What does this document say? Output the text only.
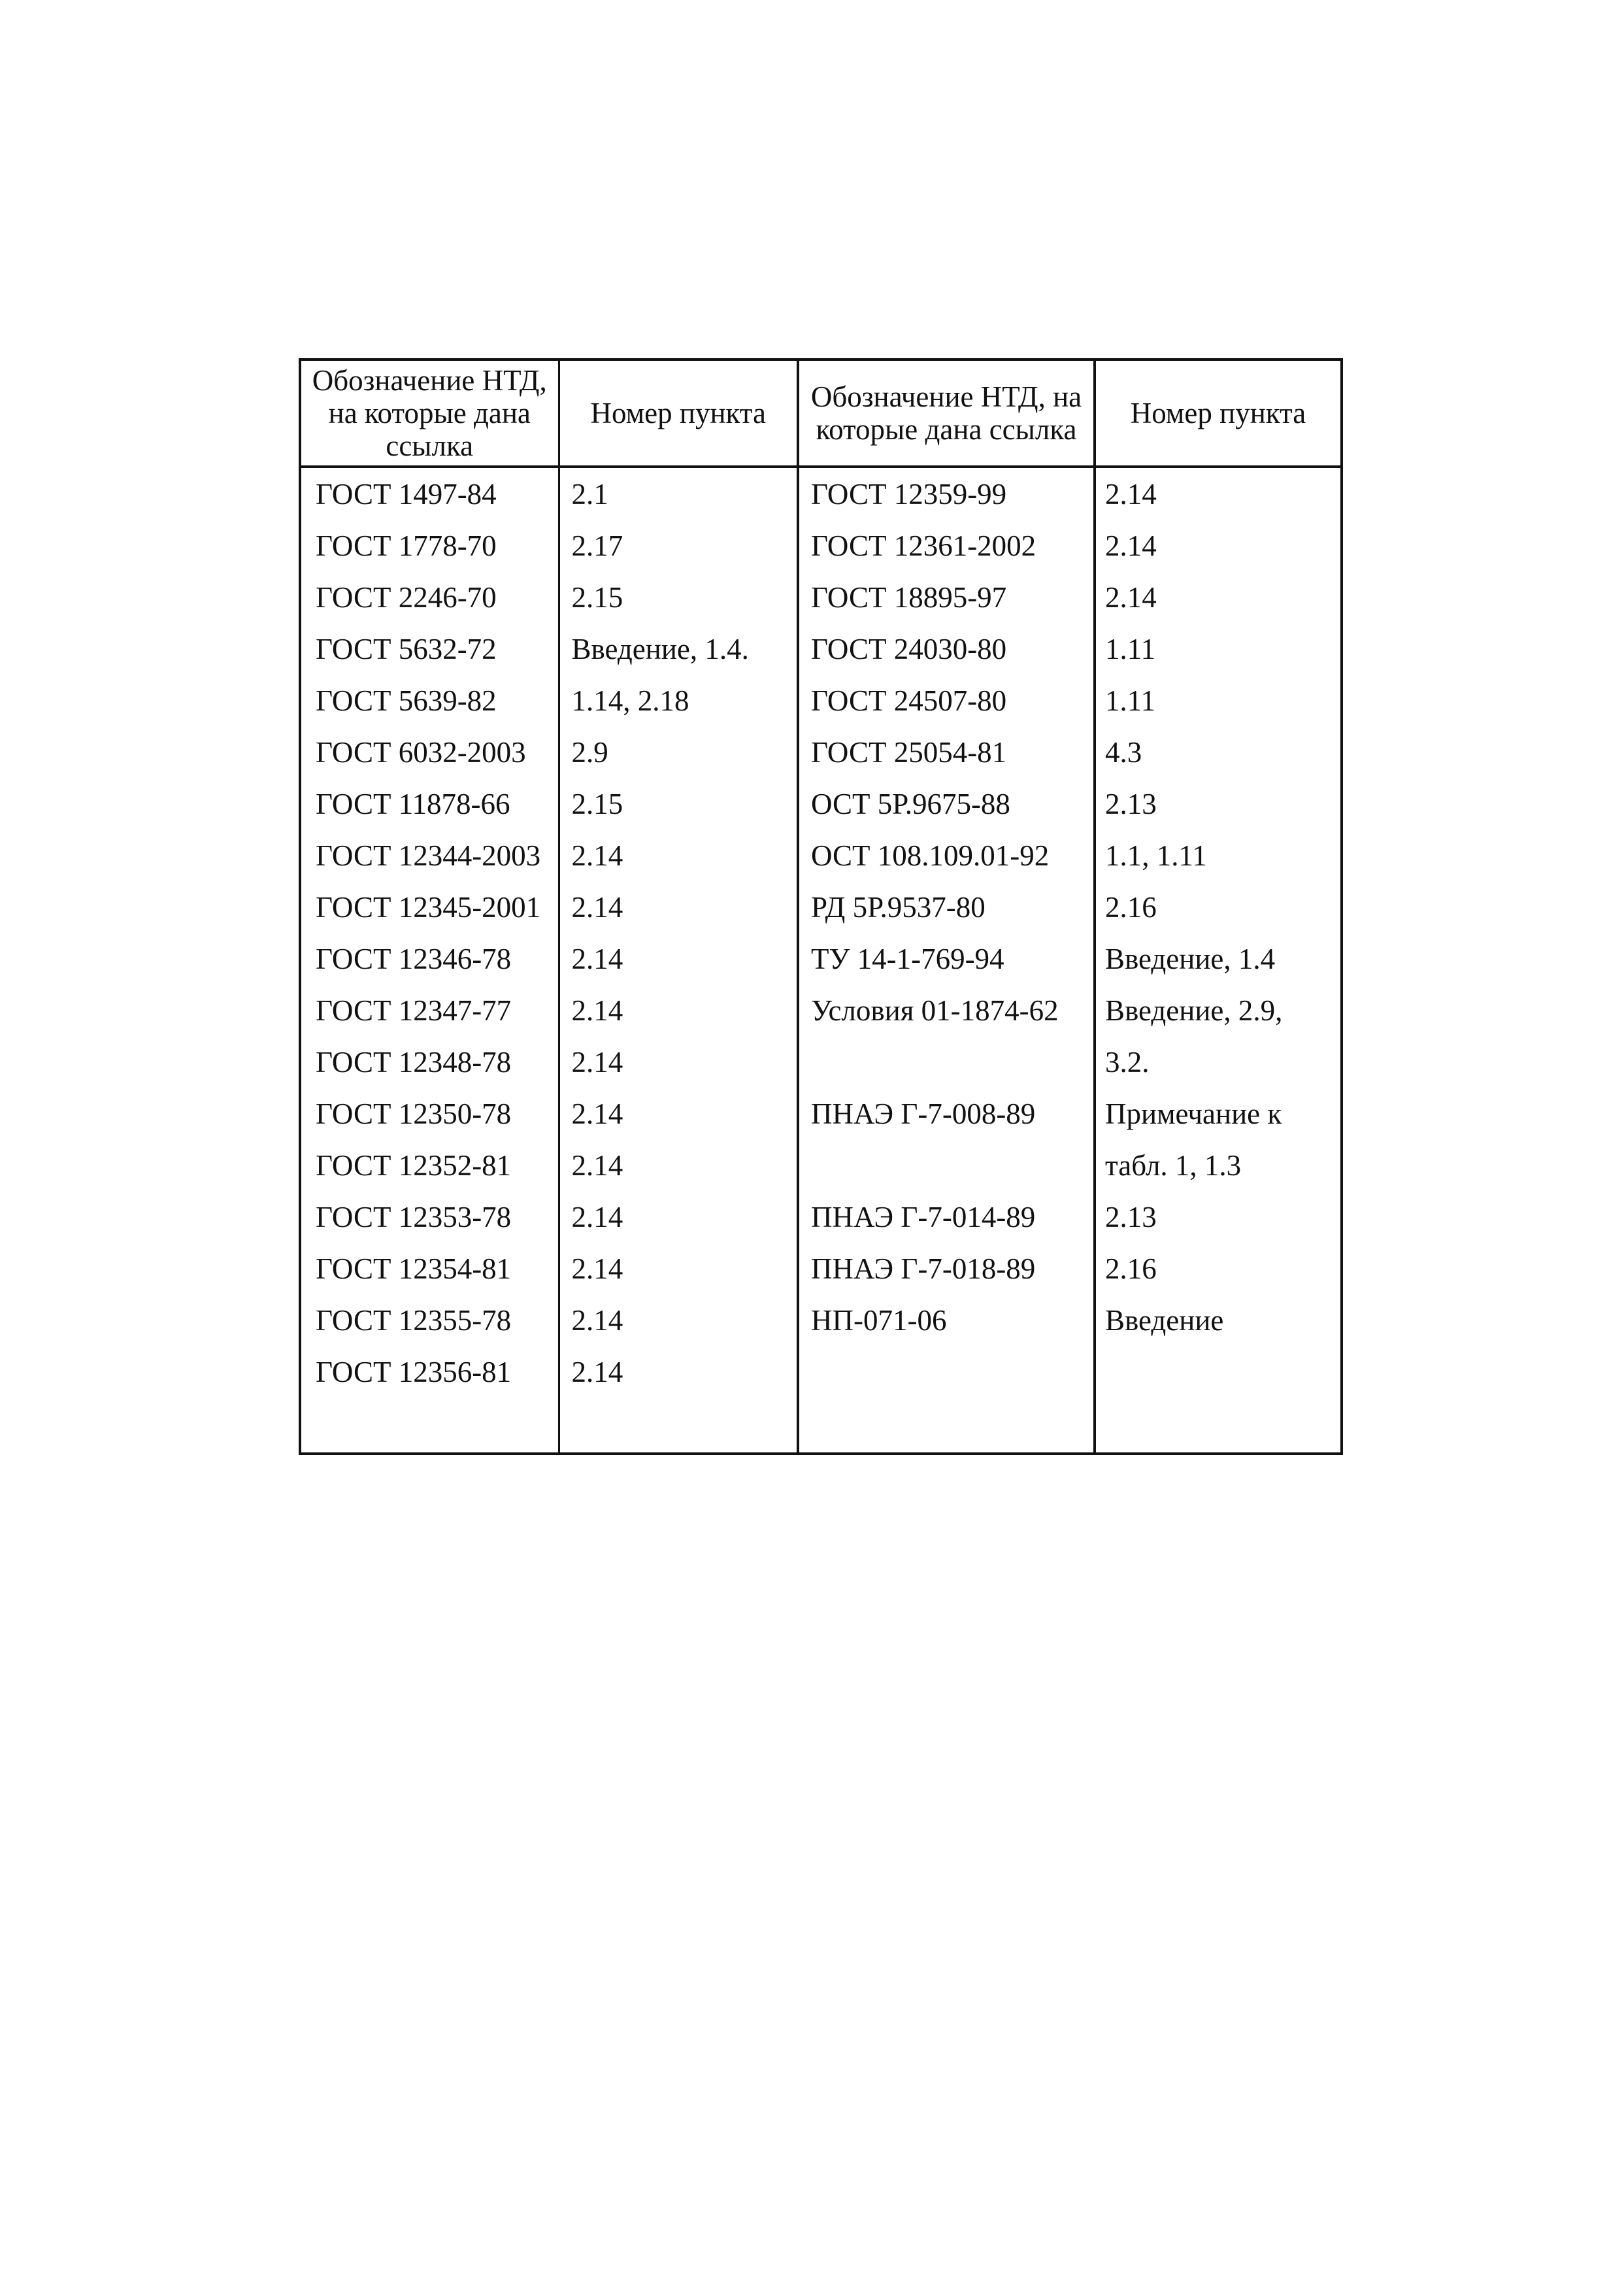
Обозначение НТД, на которые дана ссылка	Номер пункта	Обозначение НТД, на которые дана ссылка	Номер пункта
ГОСТ 1497-84	2.1	ГОСТ 12359-99	2.14
ГОСТ 1778-70	2.17	ГОСТ 12361-2002	2.14
ГОСТ 2246-70	2.15	ГОСТ 18895-97	2.14
ГОСТ 5632-72	Введение, 1.4.	ГОСТ 24030-80	1.11
ГОСТ 5639-82	1.14, 2.18	ГОСТ 24507-80	1.11
ГОСТ 6032-2003	2.9	ГОСТ 25054-81	4.3
ГОСТ 11878-66	2.15	ОСТ 5Р.9675-88	2.13
ГОСТ 12344-2003	2.14	ОСТ 108.109.01-92	1.1, 1.11
ГОСТ 12345-2001	2.14	РД 5Р.9537-80	2.16
ГОСТ 12346-78	2.14	ТУ 14-1-769-94	Введение, 1.4
ГОСТ 12347-77	2.14	Условия 01-1874-62	Введение, 2.9,
ГОСТ 12348-78	2.14		3.2.
ГОСТ 12350-78	2.14	ПНАЭ Г-7-008-89	Примечание к
ГОСТ 12352-81	2.14		табл. 1, 1.3
ГОСТ 12353-78	2.14	ПНАЭ Г-7-014-89	2.13
ГОСТ 12354-81	2.14	ПНАЭ Г-7-018-89	2.16
ГОСТ 12355-78	2.14	НП-071-06	Введение
ГОСТ 12356-81	2.14		
